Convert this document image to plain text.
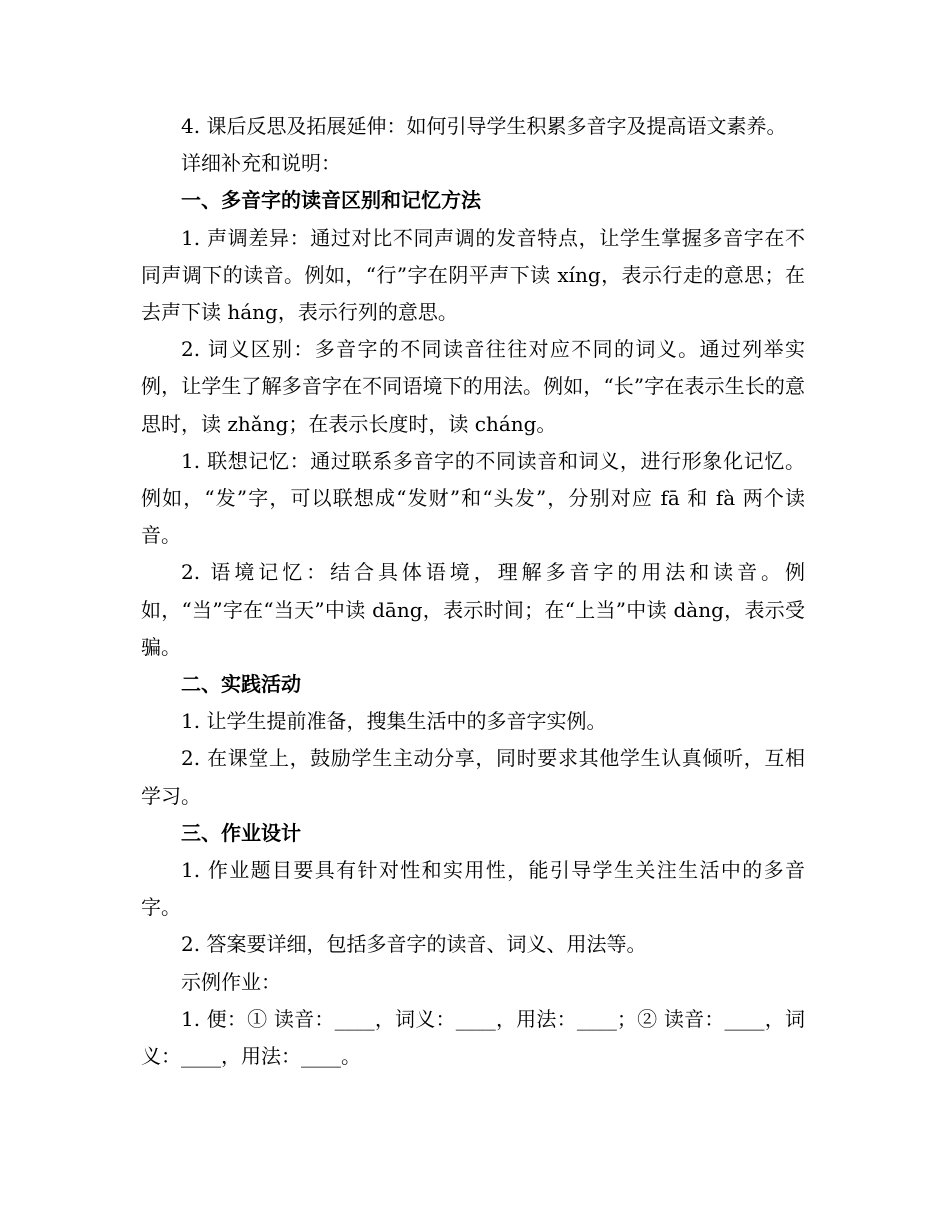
4. 课后反思及拓展延伸：如何引导学生积累多音字及提高语文素养。

详细补充和说明：

一、多音字的读音区别和记忆方法

1. 声调差异：通过对比不同声调的发音特点，让学生掌握多音字在不同声调下的读音。例如，“行”字在阴平声下读 xíng，表示行走的意思；在去声下读 háng，表示行列的意思。

2. 词义区别：多音字的不同读音往往对应不同的词义。通过列举实例，让学生了解多音字在不同语境下的用法。例如，“长”字在表示生长的意思时，读 zhǎng；在表示长度时，读 cháng。

1. 联想记忆：通过联系多音字的不同读音和词义，进行形象化记忆。例如，“发”字，可以联想成“发财”和“头发”，分别对应 fā 和 fà 两个读音。

2. 语境记忆：结合具体语境，理解多音字的用法和读音。例如，“当”字在“当天”中读 dāng，表示时间；在“上当”中读 dàng，表示受骗。

二、实践活动

1. 让学生提前准备，搜集生活中的多音字实例。

2. 在课堂上，鼓励学生主动分享，同时要求其他学生认真倾听，互相学习。

三、作业设计

1. 作业题目要具有针对性和实用性，能引导学生关注生活中的多音字。

2. 答案要详细，包括多音字的读音、词义、用法等。

示例作业：

1. 便：① 读音：____，词义：____，用法：____；② 读音：____，词义：____，用法：____。
